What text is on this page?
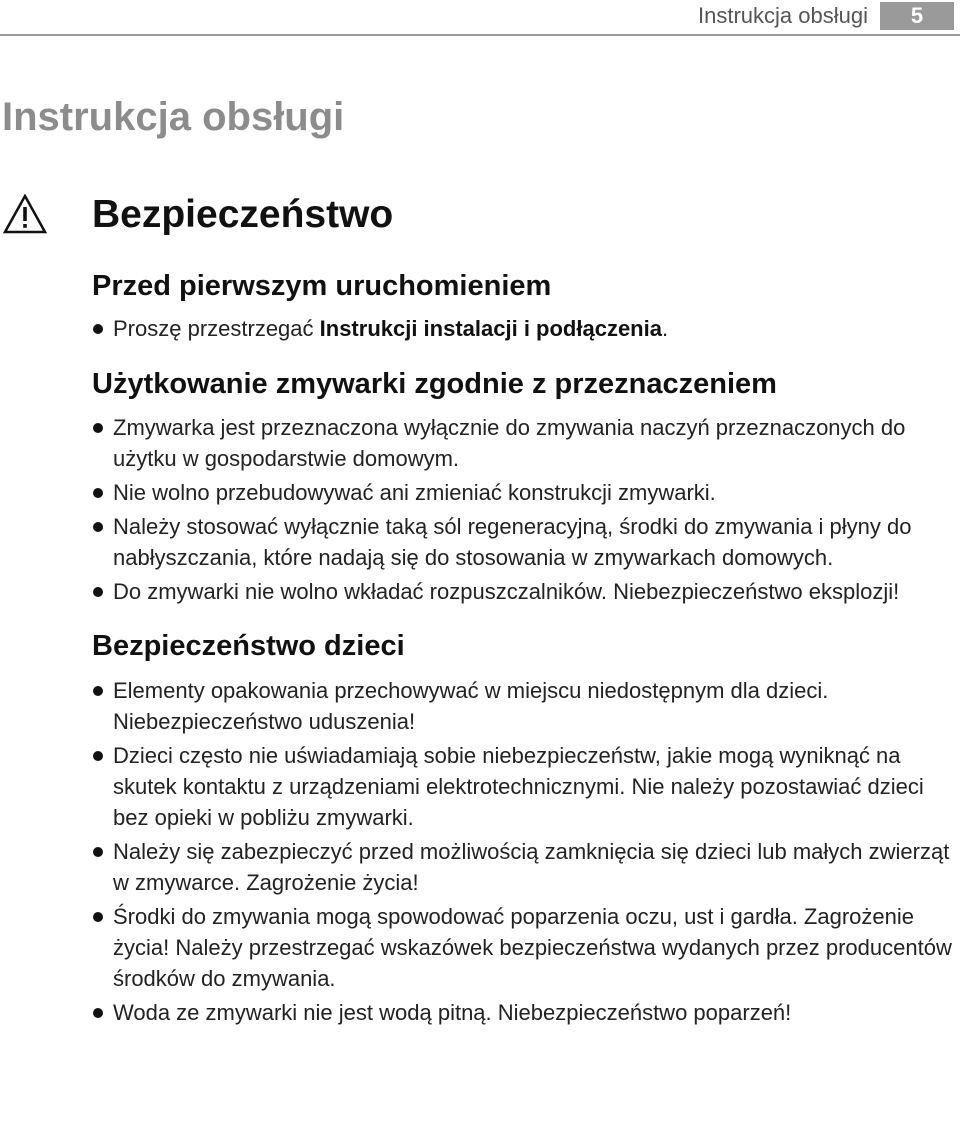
Instrukcja obsługi	5
Instrukcja obsługi
Bezpieczeństwo
Przed pierwszym uruchomieniem
Proszę przestrzegać Instrukcji instalacji i podłączenia.
Użytkowanie zmywarki zgodnie z przeznaczeniem
Zmywarka jest przeznaczona wyłącznie do zmywania naczyń przeznaczonych do użytku w gospodarstwie domowym.
Nie wolno przebudowywać ani zmieniać konstrukcji zmywarki.
Należy stosować wyłącznie taką sól regeneracyjną, środki do zmywania i płyny do nabłyszczania, które nadają się do stosowania w zmywarkach domowych.
Do zmywarki nie wolno wkładać rozpuszczalników. Niebezpieczeństwo eksplozji!
Bezpieczeństwo dzieci
Elementy opakowania przechowywać w miejscu niedostępnym dla dzieci. Niebezpieczeństwo uduszenia!
Dzieci często nie uświadamiają sobie niebezpieczeństw, jakie mogą wyniknąć na skutek kontaktu z urządzeniami elektrotechnicznymi. Nie należy pozostawiać dzieci bez opieki w pobliżu zmywarki.
Należy się zabezpieczyć przed możliwością zamknięcia się dzieci lub małych zwierząt w zmywarce. Zagrożenie życia!
Środki do zmywania mogą spowodować poparzenia oczu, ust i gardła. Zagrożenie życia! Należy przestrzegać wskazówek bezpieczeństwa wydanych przez producentów środków do zmywania.
Woda ze zmywarki nie jest wodą pitną. Niebezpieczeństwo poparzeń!
